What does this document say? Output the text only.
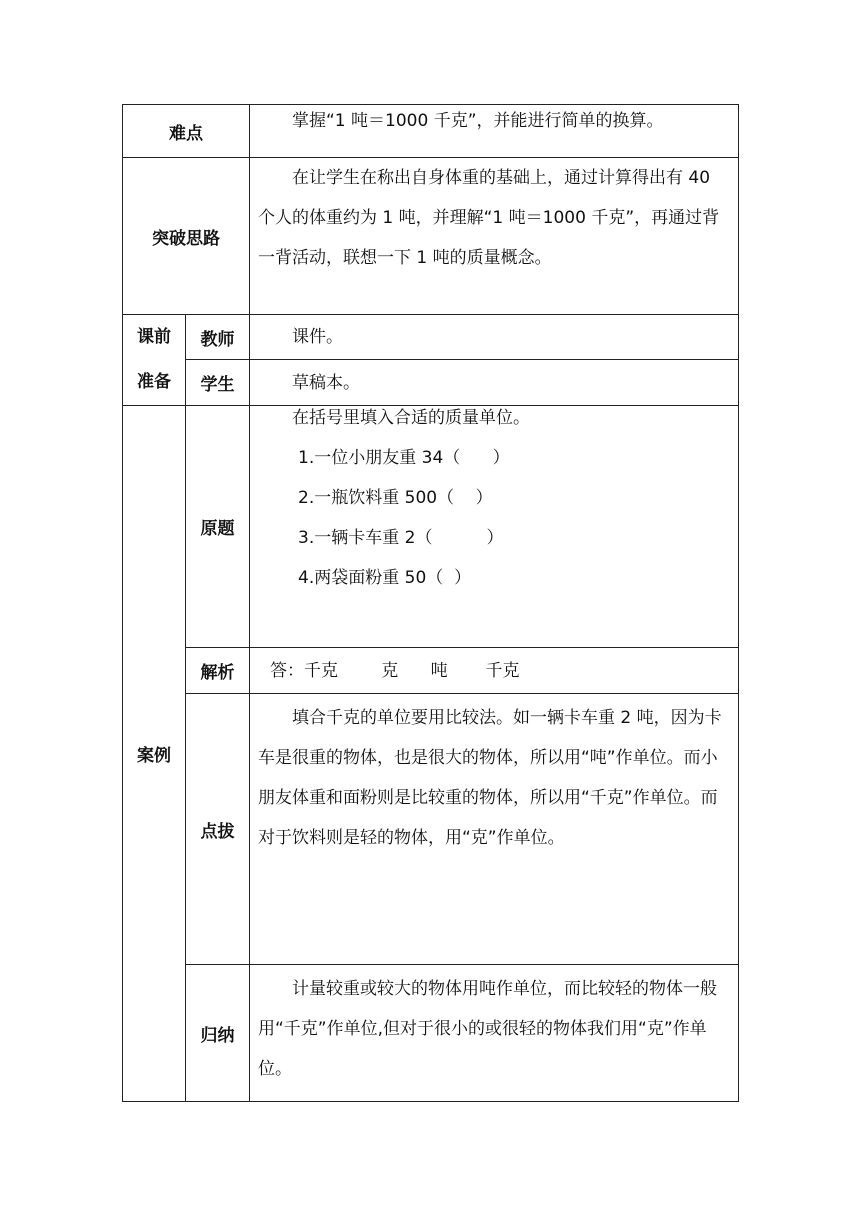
难点		掌握“1 吨＝1000 千克”，并能进行简单的换算。

突破思路		在让学生在称出自身体重的基础上，通过计算得出有 40 个人的体重约为 1 吨，并理解“1 吨＝1000 千克”，再通过背一背活动，联想一下 1 吨的质量概念。

课前
准备	教师	课件。

	学生	草稿本。

案例	原题	在括号里填入合适的质量单位。

1.一位小朋友重 34（      ）

2.一瓶饮料重 500（    ）

3.一辆卡车重 2（          ）

4.两袋面粉重 50（  ）

	解析	答：千克        克      吨       千克

	点拔	填合千克的单位要用比较法。如一辆卡车重 2 吨，因为卡车是很重的物体，也是很大的物体，所以用“吨”作单位。而小朋友体重和面粉则是比较重的物体，所以用“千克”作单位。而对于饮料则是轻的物体，用“克”作单位。

	归纳	计量较重或较大的物体用吨作单位，而比较轻的物体一般用“千克”作单位,但对于很小的或很轻的物体我们用“克”作单位。
